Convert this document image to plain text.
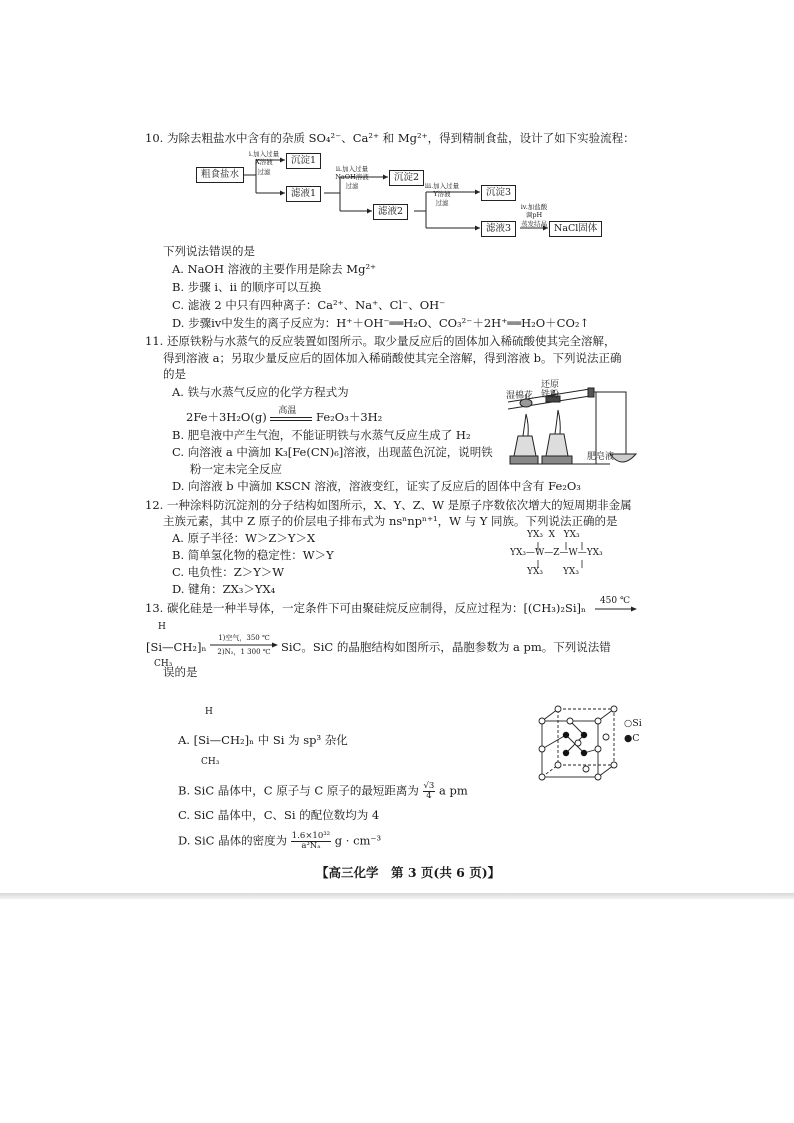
10. 为除去粗盐水中含有的杂质 SO₄²⁻、Ca²⁺ 和 Mg²⁺，得到精制食盐，设计了如下实验流程：
粗食盐水
沉淀1
滤液1
沉淀2
滤液2
沉淀3
滤液3	NaCl固体
i.加入过量
X溶液
过滤	ii.加入过量
NaOH溶液
过滤	iii.加入过量
Y溶液
过滤	iv.加盐酸
调pH
蒸发结晶
下列说法错误的是
A. NaOH 溶液的主要作用是除去 Mg²⁺
B. 步骤 ⅰ、ⅱ 的顺序可以互换
C. 滤液 2 中只有四种离子：Ca²⁺、Na⁺、Cl⁻、OH⁻
D. 步骤ⅳ中发生的离子反应为：H⁺＋OH⁻══H₂O、CO₃²⁻＋2H⁺══H₂O＋CO₂↑
11. 还原铁粉与水蒸气的反应装置如图所示。取少量反应后的固体加入稀硫酸使其完全溶解，
得到溶液 a；另取少量反应后的固体加入稀硝酸使其完全溶解，得到溶液 b。下列说法正确
的是
A. 铁与水蒸气反应的化学方程式为
2Fe＋3H₂O(g) 高温 Fe₂O₃＋3H₂
B. 肥皂液中产生气泡，不能证明铁与水蒸气反应生成了 H₂
C. 向溶液 a 中滴加 K₃[Fe(CN)₆]溶液，出现蓝色沉淀，说明铁
粉一定未完全反应
D. 向溶液 b 中滴加 KSCN 溶液，溶液变红，证实了反应后的固体中含有 Fe₂O₃
湿棉花
还原
铁粉
肥皂液
12. 一种涂料防沉淀剂的分子结构如图所示，X、Y、Z、W 是原子序数依次增大的短周期非金属
主族元素，其中 Z 原子的价层电子排布式为 nsⁿnpⁿ⁺¹，W 与 Y 同族。下列说法正确的是
A. 原子半径：W＞Z＞Y＞X
B. 简单氢化物的稳定性：W＞Y
C. 电负性：Z＞Y＞W
D. 键角：ZX₃＞YX₄
YX₃  X   YX₃
YX₃—W—Z—W—YX₃
YX₃       YX₃
13. 碳化硅是一种半导体，一定条件下可由聚硅烷反应制得，反应过程为：[(CH₃)₂Si]ₙ	450 ℃
H
[Si—CH₂]ₙ
CH₃
1)空气，350 ℃
2)N₂，1 300 ℃ SiC。SiC 的晶胞结构如图所示，晶胞参数为 a pm。下列说法错
误的是
H
A. [Si—CH₂]ₙ 中 Si 为 sp³ 杂化
CH₃
B. SiC 晶体中，C 原子与 C 原子的最短距离为 $\frac{√3}{4}$ a pm
C. SiC 晶体中，C、Si 的配位数均为 4
D. SiC 晶体的密度为 $\frac{\text{1.6×10³²}}{\text{a³Nₐ}}$ g · cm⁻³
○Si
●C
【高三化学　第 3 页(共 6 页)】
